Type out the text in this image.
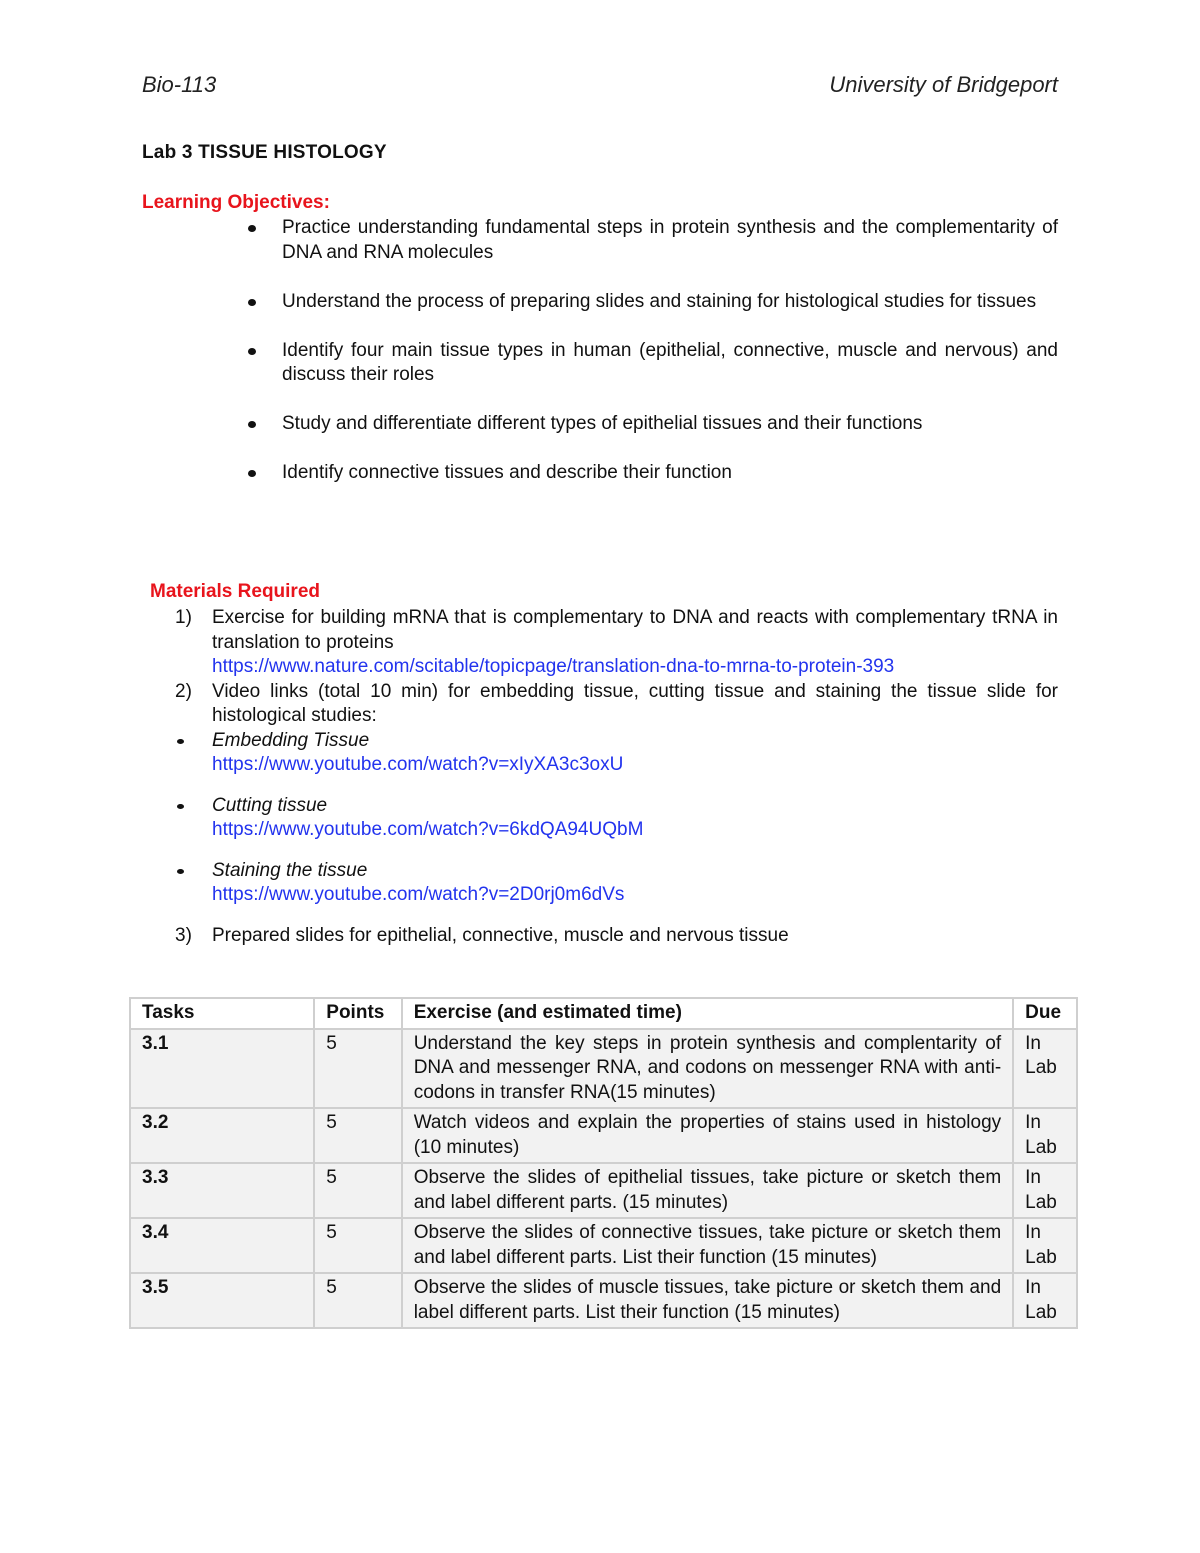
Bio-113	University of Bridgeport
Lab 3 TISSUE HISTOLOGY
Learning Objectives:
Practice understanding fundamental steps in protein synthesis and the complementarity of DNA and RNA molecules
Understand the process of preparing slides and staining for histological studies for tissues
Identify four main tissue types in human (epithelial, connective, muscle and nervous) and discuss their roles
Study and differentiate different types of epithelial tissues and their functions
Identify connective tissues and describe their function
Materials Required
1) Exercise for building mRNA that is complementary to DNA and reacts with complementary tRNA in translation to proteins
https://www.nature.com/scitable/topicpage/translation-dna-to-mrna-to-protein-393
2) Video links (total 10 min) for embedding tissue, cutting tissue and staining the tissue slide for histological studies:
Embedding Tissue
https://www.youtube.com/watch?v=xIyXA3c3oxU
Cutting tissue
https://www.youtube.com/watch?v=6kdQA94UQbM
Staining the tissue
https://www.youtube.com/watch?v=2D0rj0m6dVs
3) Prepared slides for epithelial, connective, muscle and nervous tissue
Tasks	Points	Exercise (and estimated time)	Due
3.1	5	Understand the key steps in protein synthesis and complentarity of DNA and messenger RNA, and codons on messenger RNA with anti-codons in transfer RNA(15 minutes)	In Lab
3.2	5	Watch videos and explain the properties of stains used in histology (10 minutes)	In Lab
3.3	5	Observe the slides of epithelial tissues, take picture or sketch them and label different parts. (15 minutes)	In Lab
3.4	5	Observe the slides of connective tissues, take picture or sketch them and label different parts. List their function (15 minutes)	In Lab
3.5	5	Observe the slides of muscle tissues, take picture or sketch them and label different parts. List their function (15 minutes)	In Lab
